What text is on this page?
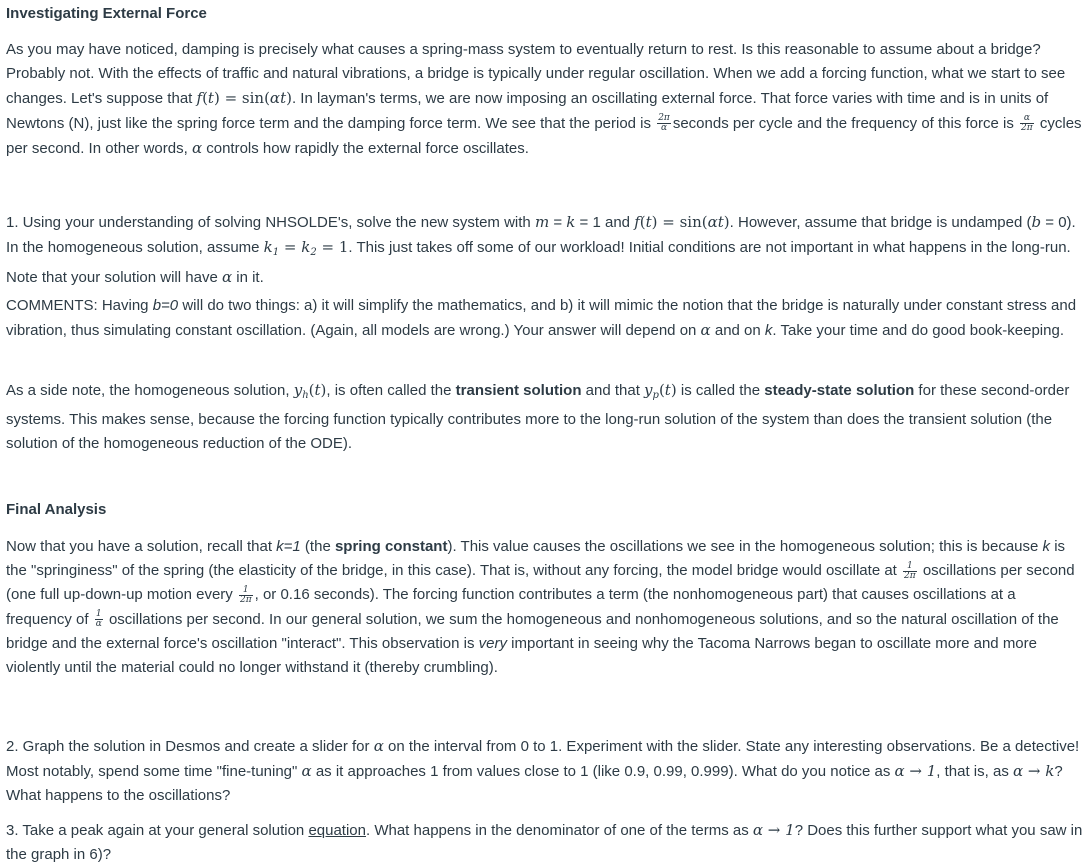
Investigating External Force
As you may have noticed, damping is precisely what causes a spring-mass system to eventually return to rest. Is this reasonable to assume about a bridge? Probably not. With the effects of traffic and natural vibrations, a bridge is typically under regular oscillation. When we add a forcing function, what we start to see changes. Let's suppose that f(t) = sin(αt). In layman's terms, we are now imposing an oscillating external force. That force varies with time and is in units of Newtons (N), just like the spring force term and the damping force term. We see that the period is $\frac{2\pi}{\alpha}$ seconds per cycle and the frequency of this force is $\frac{\alpha}{2\pi}$ cycles per second. In other words, α controls how rapidly the external force oscillates.
1. Using your understanding of solving NHSOLDE's, solve the new system with m = k = 1 and f(t) = sin(αt). However, assume that bridge is undamped (b = 0). In the homogeneous solution, assume $k_1 = k_2 = 1$. This just takes off some of our workload! Initial conditions are not important in what happens in the long-run. Note that your solution will have α in it.
COMMENTS: Having b=0 will do two things: a) it will simplify the mathematics, and b) it will mimic the notion that the bridge is naturally under constant stress and vibration, thus simulating constant oscillation. (Again, all models are wrong.) Your answer will depend on α and on k. Take your time and do good book-keeping.
As a side note, the homogeneous solution, $y_h(t)$, is often called the transient solution and that $y_p(t)$ is called the steady-state solution for these second-order systems. This makes sense, because the forcing function typically contributes more to the long-run solution of the system than does the transient solution (the solution of the homogeneous reduction of the ODE).
Final Analysis
Now that you have a solution, recall that k=1 (the spring constant). This value causes the oscillations we see in the homogeneous solution; this is because k is the "springiness" of the spring (the elasticity of the bridge, in this case). That is, without any forcing, the model bridge would oscillate at $\frac{1}{2\pi}$ oscillations per second (one full up-down-up motion every $\frac{1}{2\pi}$ , or 0.16 seconds). The forcing function contributes a term (the nonhomogeneous part) that causes oscillations at a frequency of $\frac{1}{\alpha}$ oscillations per second. In our general solution, we sum the homogeneous and nonhomogeneous solutions, and so the natural oscillation of the bridge and the external force's oscillation "interact". This observation is very important in seeing why the Tacoma Narrows began to oscillate more and more violently until the material could no longer withstand it (thereby crumbling).
2. Graph the solution in Desmos and create a slider for α on the interval from 0 to 1. Experiment with the slider. State any interesting observations. Be a detective! Most notably, spend some time "fine-tuning" α as it approaches 1 from values close to 1 (like 0.9, 0.99, 0.999). What do you notice as α → 1, that is, as α → k? What happens to the oscillations?
3. Take a peak again at your general solution equation. What happens in the denominator of one of the terms as α → 1? Does this further support what you saw in the graph in 6)?
